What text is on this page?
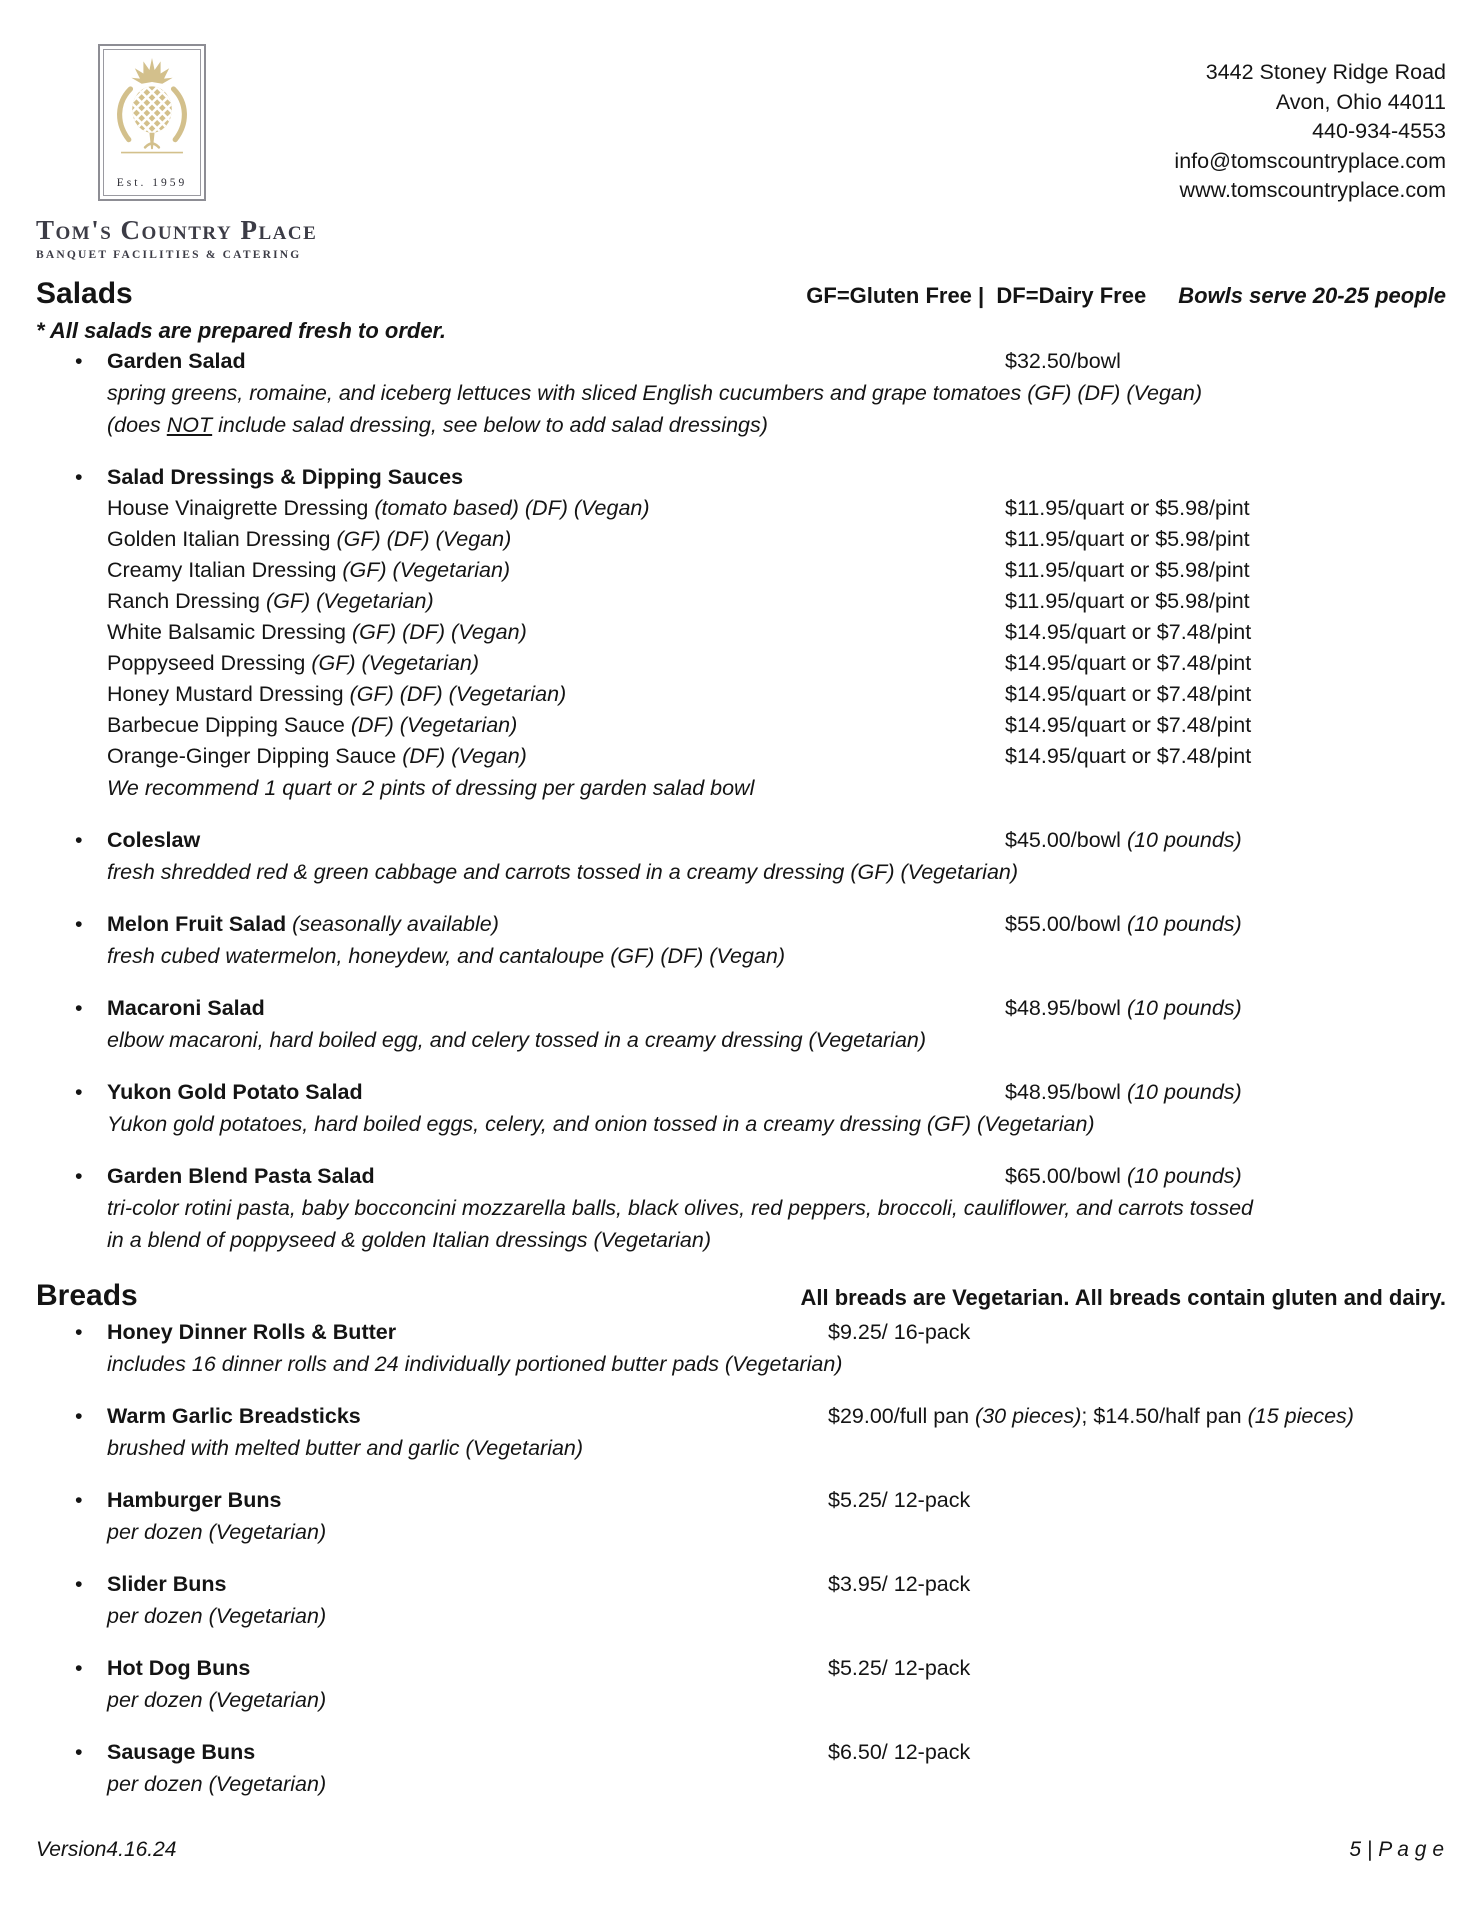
Est. 1959
Tom's Country Place
BANQUET FACILITIES & CATERING
3442 Stoney Ridge Road
Avon, Ohio 44011
440-934-4553
info@tomscountryplace.com
www.tomscountryplace.com
Salads	GF=Gluten Free |  DF=Dairy Free Bowls serve 20-25 people
* All salads are prepared fresh to order.
•
Garden Salad	$32.50/bowl
spring greens, romaine, and iceberg lettuces with sliced English cucumbers and grape tomatoes (GF) (DF) (Vegan)
(does NOT include salad dressing, see below to add salad dressings)
•
Salad Dressings & Dipping Sauces
House Vinaigrette Dressing (tomato based) (DF) (Vegan)	$11.95/quart or $5.98/pint
Golden Italian Dressing (GF) (DF) (Vegan)	$11.95/quart or $5.98/pint
Creamy Italian Dressing (GF) (Vegetarian)	$11.95/quart or $5.98/pint
Ranch Dressing (GF) (Vegetarian)	$11.95/quart or $5.98/pint
White Balsamic Dressing (GF) (DF) (Vegan)	$14.95/quart or $7.48/pint
Poppyseed Dressing (GF) (Vegetarian)	$14.95/quart or $7.48/pint
Honey Mustard Dressing (GF) (DF) (Vegetarian)	$14.95/quart or $7.48/pint
Barbecue Dipping Sauce (DF) (Vegetarian)	$14.95/quart or $7.48/pint
Orange-Ginger Dipping Sauce (DF) (Vegan)	$14.95/quart or $7.48/pint
We recommend 1 quart or 2 pints of dressing per garden salad bowl
•
Coleslaw	$45.00/bowl (10 pounds)
fresh shredded red & green cabbage and carrots tossed in a creamy dressing (GF) (Vegetarian)
•
Melon Fruit Salad (seasonally available)	$55.00/bowl (10 pounds)
fresh cubed watermelon, honeydew, and cantaloupe (GF) (DF) (Vegan)
•
Macaroni Salad	$48.95/bowl (10 pounds)
elbow macaroni, hard boiled egg, and celery tossed in a creamy dressing (Vegetarian)
•
Yukon Gold Potato Salad	$48.95/bowl (10 pounds)
Yukon gold potatoes, hard boiled eggs, celery, and onion tossed in a creamy dressing (GF) (Vegetarian)
•
Garden Blend Pasta Salad	$65.00/bowl (10 pounds)
tri-color rotini pasta, baby bocconcini mozzarella balls, black olives, red peppers, broccoli, cauliflower, and carrots tossed
in a blend of poppyseed & golden Italian dressings (Vegetarian)
Breads	All breads are Vegetarian. All breads contain gluten and dairy.
•
Honey Dinner Rolls & Butter	$9.25/ 16-pack
includes 16 dinner rolls and 24 individually portioned butter pads (Vegetarian)
•
Warm Garlic Breadsticks	$29.00/full pan (30 pieces); $14.50/half pan (15 pieces)
brushed with melted butter and garlic (Vegetarian)
•
Hamburger Buns	$5.25/ 12-pack
per dozen (Vegetarian)
•
Slider Buns	$3.95/ 12-pack
per dozen (Vegetarian)
•
Hot Dog Buns	$5.25/ 12-pack
per dozen (Vegetarian)
•
Sausage Buns	$6.50/ 12-pack
per dozen (Vegetarian)
Version4.16.24	5 | P a g e
